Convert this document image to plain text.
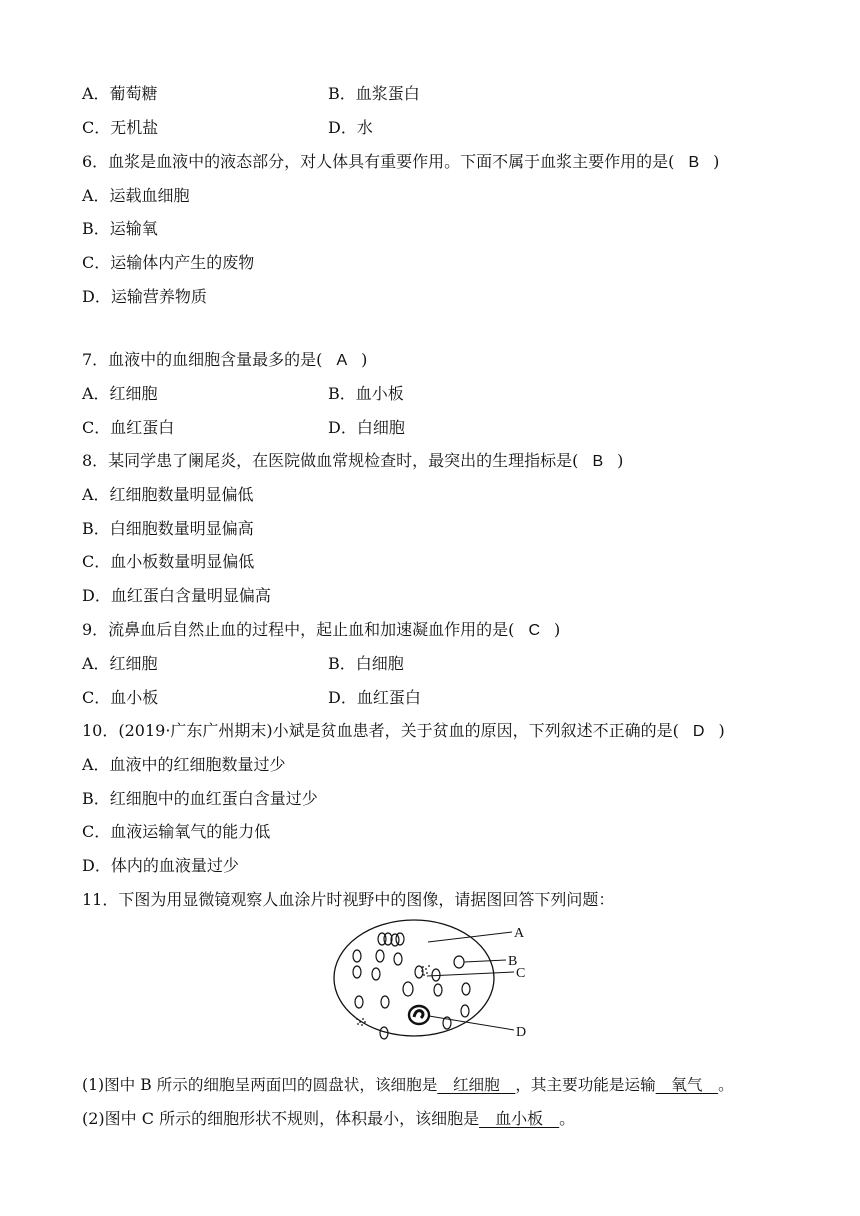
A．葡萄糖	B．血浆蛋白
C．无机盐	D．水
6．血浆是血液中的液态部分，对人体具有重要作用。下面不属于血浆主要作用的是( B )
A．运载血细胞
B．运输氧
C．运输体内产生的废物
D．运输营养物质
7．血液中的血细胞含量最多的是( A )
A．红细胞	B．血小板
C．血红蛋白	D．白细胞
8．某同学患了阑尾炎，在医院做血常规检查时，最突出的生理指标是( B )
A．红细胞数量明显偏低
B．白细胞数量明显偏高
C．血小板数量明显偏低
D．血红蛋白含量明显偏高
9．流鼻血后自然止血的过程中，起止血和加速凝血作用的是( C )
A．红细胞	B．白细胞
C．血小板	D．血红蛋白
10．(2019·广东广州期末)小斌是贫血患者，关于贫血的原因，下列叙述不正确的是( D )
A．血液中的红细胞数量过少
B．红细胞中的血红蛋白含量过少
C．血液运输氧气的能力低
D．体内的血液量过少
11．下图为用显微镜观察人血涂片时视野中的图像，请据图回答下列问题：
A
B
C
D
(1)图中 B 所示的细胞呈两面凹的圆盘状，该细胞是__红细胞__，其主要功能是运输__氧气__。
(2)图中 C 所示的细胞形状不规则，体积最小，该细胞是__血小板__。
